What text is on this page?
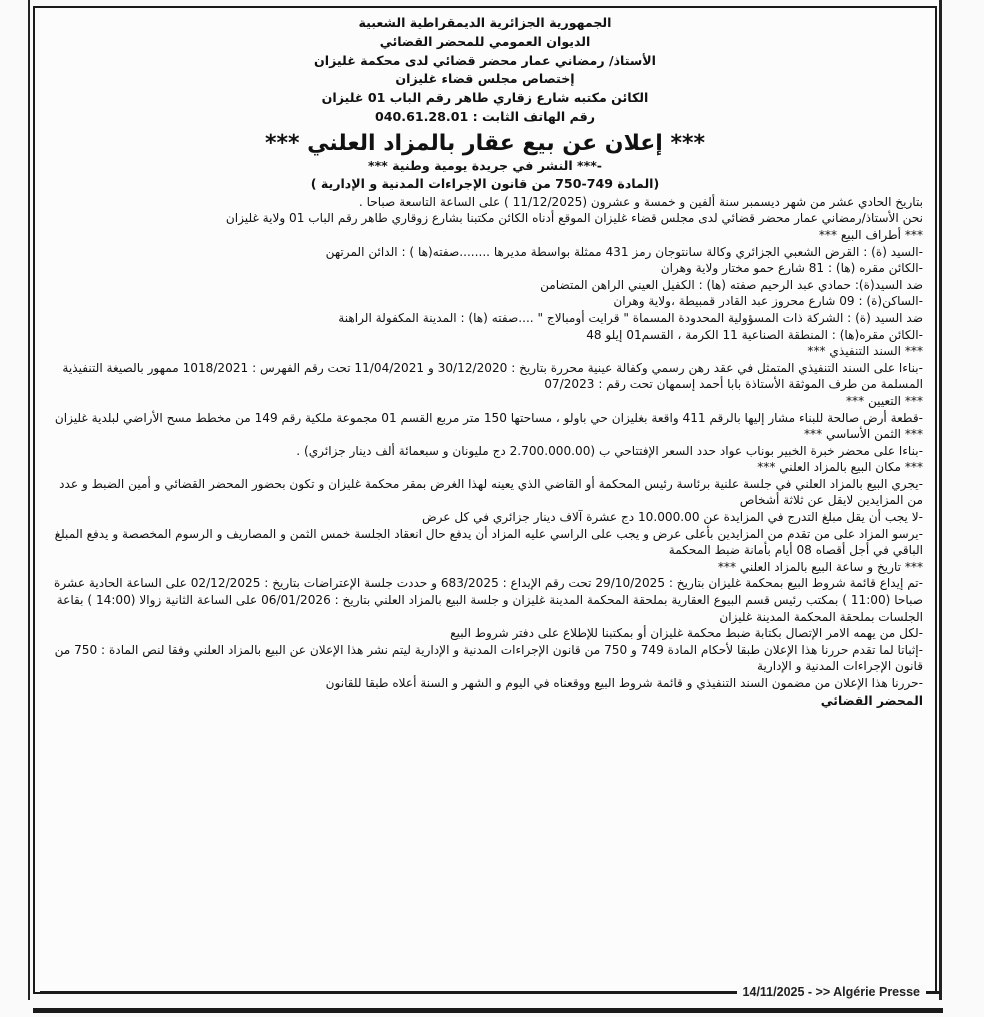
الجمهورية الجزائرية الديمقراطية الشعبية

الديوان العمومي للمحضر القضائي

الأستاذ/ رمضاني عمار محضر قضائي لدى محكمة غليزان

إختصاص مجلس قضاء غليزان

الكائن مكتبه شارع زقاري طاهر رقم الباب 01 غليزان

رقم الهاتف الثابت : 040.61.28.01

*** إعلان عن بيع عقار بالمزاد العلني ***

-*** النشر في جريدة يومية وطنية ***

(المادة 749-750 من قانون الإجراءات المدنية و الإدارية )

بتاريخ الحادي عشر من شهر ديسمبر سنة ألفين و خمسة و عشرون (11/12/2025 ) على الساعة التاسعة صباحا .

نحن الأستاذ/رمضاني عمار محضر قضائي لدى مجلس قضاء غليزان الموقع أدناه الكائن مكتبنا بشارع زوقاري طاهر رقم الباب 01 ولاية غليزان

*** أطراف البيع ***

-السيد (ة) : القرض الشعبي الجزائري وكالة سانتوجان رمز 431 ممثلة بواسطة مديرها ........صفته(ها ) : الدائن المرتهن

-الكائن مقره (ها) : 81 شارع حمو مختار ولاية وهران

ضد السيد(ة): حمادي عبد الرحيم صفته (ها) : الكفيل العيني الراهن المتضامن

-الساكن(ة) : 09 شارع محروز عبد القادر قمبيطة ،ولاية وهران

ضد السيد (ة) : الشركة ذات المسؤولية المحدودة المسماة " قرايت أومبالاج " ....صفته (ها) : المدينة المكفولة الراهنة

-الكائن مقره(ها) : المنطقة الصناعية 11 الكرمة ، القسم01 إيلو 48

*** السند التنفيذي ***

-بناءا على السند التنفيذي المتمثل في عقد رهن رسمي وكفالة عينية محررة بتاريخ : 30/12/2020 و 11/04/2021 تحت رقم الفهرس : 1018/2021 ممهور بالصيغة التنفيذية المسلمة من طرف الموثقة الأستاذة بابا أحمد إسمهان تحت رقم : 07/2023

*** التعيين ***

-قطعة أرض صالحة للبناء مشار إليها بالرقم 411 واقعة بغليزان حي باولو ، مساحتها 150 متر مربع القسم 01 مجموعة ملكية رقم 149 من مخطط مسح الأراضي لبلدية غليزان

*** الثمن الأساسي ***

-بناءا على محضر خبرة الخبير بوناب عواد حدد السعر الإفتتاحي ب (2.700.000.00 دج مليونان و سبعمائة ألف دينار جزائري) .

*** مكان البيع بالمزاد العلني ***

-يجري البيع بالمزاد العلني في جلسة علنية برئاسة رئيس المحكمة أو القاضي الذي يعينه لهذا الغرض بمقر محكمة غليزان و تكون بحضور المحضر القضائي و أمين الضبط و عدد من المزايدين لايقل عن ثلاثة أشخاص

-لا يجب أن يقل مبلغ التدرج في المزايدة عن 10.000.00 دج عشرة آلاف دينار جزائري في كل عرض

-يرسو المزاد على من تقدم من المزايدين بأعلى عرض و يجب على الراسي عليه المزاد أن يدفع حال انعقاد الجلسة خمس الثمن و المصاريف و الرسوم المخصصة و يدفع المبلغ الباقي في أجل أقصاه 08 أيام بأمانة ضبط المحكمة

*** تاريخ و ساعة البيع بالمزاد العلني ***

-تم إيداع قائمة شروط البيع بمحكمة غليزان بتاريخ : 29/10/2025 تحت رقم الإيداع : 683/2025 و حددت جلسة الإعتراضات بتاريخ : 02/12/2025 على الساعة الحادية عشرة صباحا (11:00 ) بمكتب رئيس قسم البيوع العقارية بملحقة المحكمة المدينة غليزان و جلسة البيع بالمزاد العلني بتاريخ : 06/01/2026 على الساعة الثانية زوالا (14:00 ) بقاعة الجلسات بملحقة المحكمة المدينة غليزان

-لكل من يهمه الامر الإتصال بكتابة ضبط محكمة غليزان أو بمكتبنا للإطلاع على دفتر شروط البيع

-إثباتا لما تقدم حررنا هذا الإعلان طبقا لأحكام المادة 749 و 750 من قانون الإجراءات المدنية و الإدارية ليتم نشر هذا الإعلان عن البيع بالمزاد العلني وفقا لنص المادة : 750 من قانون الإجراءات المدنية و الإدارية

-حررنا هذا الإعلان من مضمون السند التنفيذي و قائمة شروط البيع ووقعناه في اليوم و الشهر و السنة أعلاه طبقا للقانون

المحضر القضائي

14/11/2025 - >> Algérie Presse
